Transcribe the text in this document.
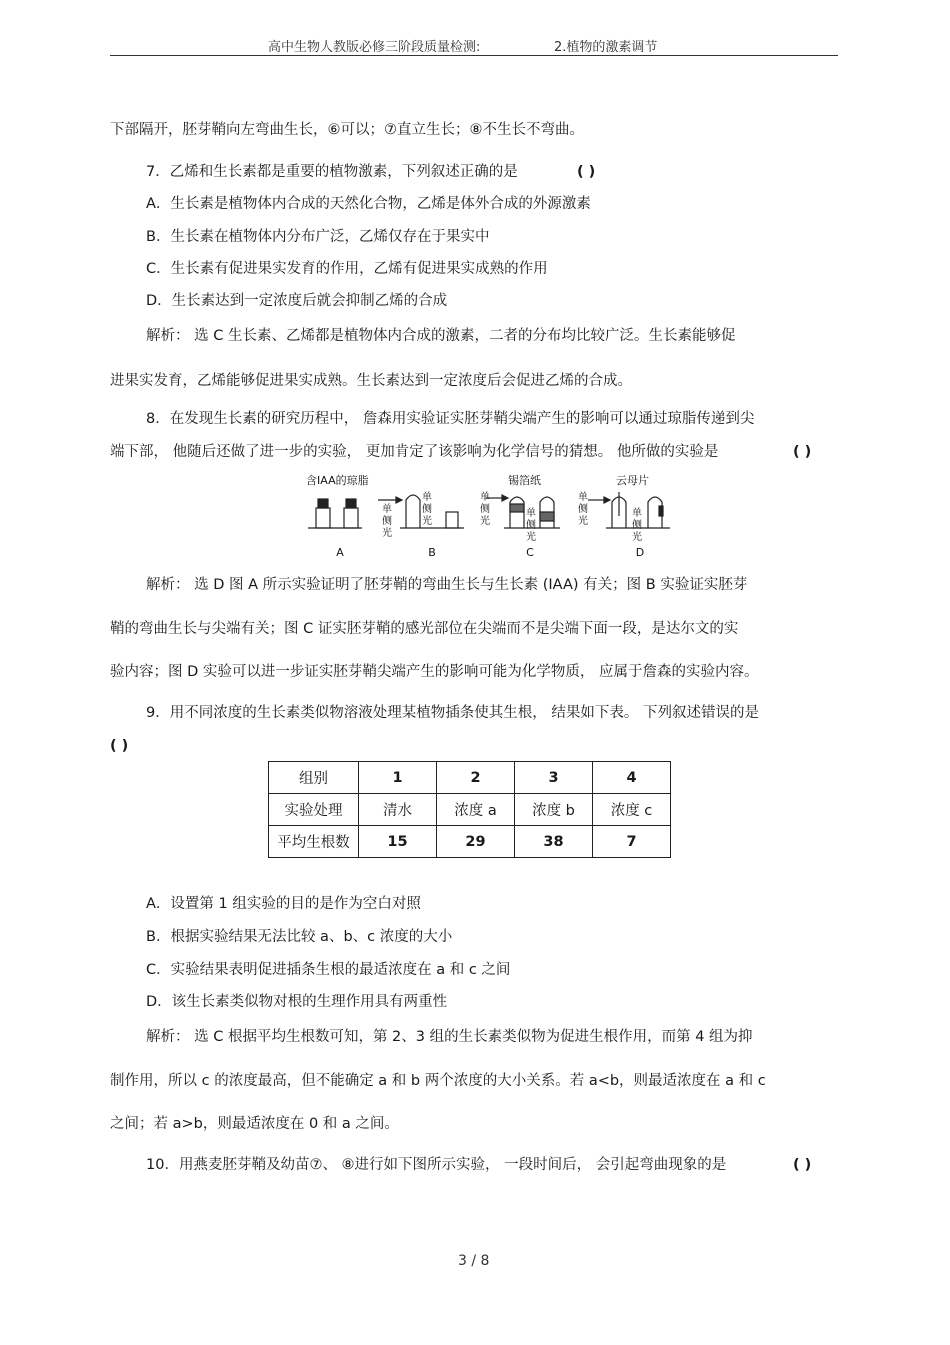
高中生物人教版必修三阶段质量检测:	2.植物的激素调节
下部隔开，胚芽鞘向左弯曲生长，⑥可以；⑦直立生长；⑧不生长不弯曲。
7．乙烯和生长素都是重要的植物激素，下列叙述正确的是	( )
A．生长素是植物体内合成的天然化合物，乙烯是体外合成的外源激素
B．生长素在植物体内分布广泛，乙烯仅存在于果实中
C．生长素有促进果实发育的作用，乙烯有促进果实成熟的作用
D．生长素达到一定浓度后就会抑制乙烯的合成
解析： 选 C 生长素、乙烯都是植物体内合成的激素，二者的分布均比较广泛。生长素能够促
进果实发育，乙烯能够促进果实成熟。生长素达到一定浓度后会促进乙烯的合成。
8．在发现生长素的研究历程中， 詹森用实验证实胚芽鞘尖端产生的影响可以通过琼脂传递到尖
端下部， 他随后还做了进一步的实验， 更加肯定了该影响为化学信号的猜想。 他所做的实验是	( )
含IAA的琼脂	锡箔纸	云母片
单
侧
光
单
侧
光
单
侧
光
单
侧
光
单
侧
光
单
侧
光
A	B	C	D
解析： 选 D 图 A 所示实验证明了胚芽鞘的弯曲生长与生长素 (IAA) 有关；图 B 实验证实胚芽
鞘的弯曲生长与尖端有关；图 C 证实胚芽鞘的感光部位在尖端而不是尖端下面一段，是达尔文的实
验内容；图 D 实验可以进一步证实胚芽鞘尖端产生的影响可能为化学物质， 应属于詹森的实验内容。
9．用不同浓度的生长素类似物溶液处理某植物插条使其生根， 结果如下表。 下列叙述错误的是
( )
组别	1	2	3	4
实验处理	清水	浓度 a	浓度 b	浓度 c
平均生根数	15	29	38	7
A．设置第 1 组实验的目的是作为空白对照
B．根据实验结果无法比较 a、b、c 浓度的大小
C．实验结果表明促进插条生根的最适浓度在 a 和 c 之间
D．该生长素类似物对根的生理作用具有两重性
解析： 选 C 根据平均生根数可知，第 2、3 组的生长素类似物为促进生根作用，而第 4 组为抑
制作用，所以 c 的浓度最高，但不能确定 a 和 b 两个浓度的大小关系。若 a<b，则最适浓度在 a 和 c
之间；若 a>b，则最适浓度在 0 和 a 之间。
10．用燕麦胚芽鞘及幼苗⑦、 ⑧进行如下图所示实验， 一段时间后， 会引起弯曲现象的是	( )
3 / 8
